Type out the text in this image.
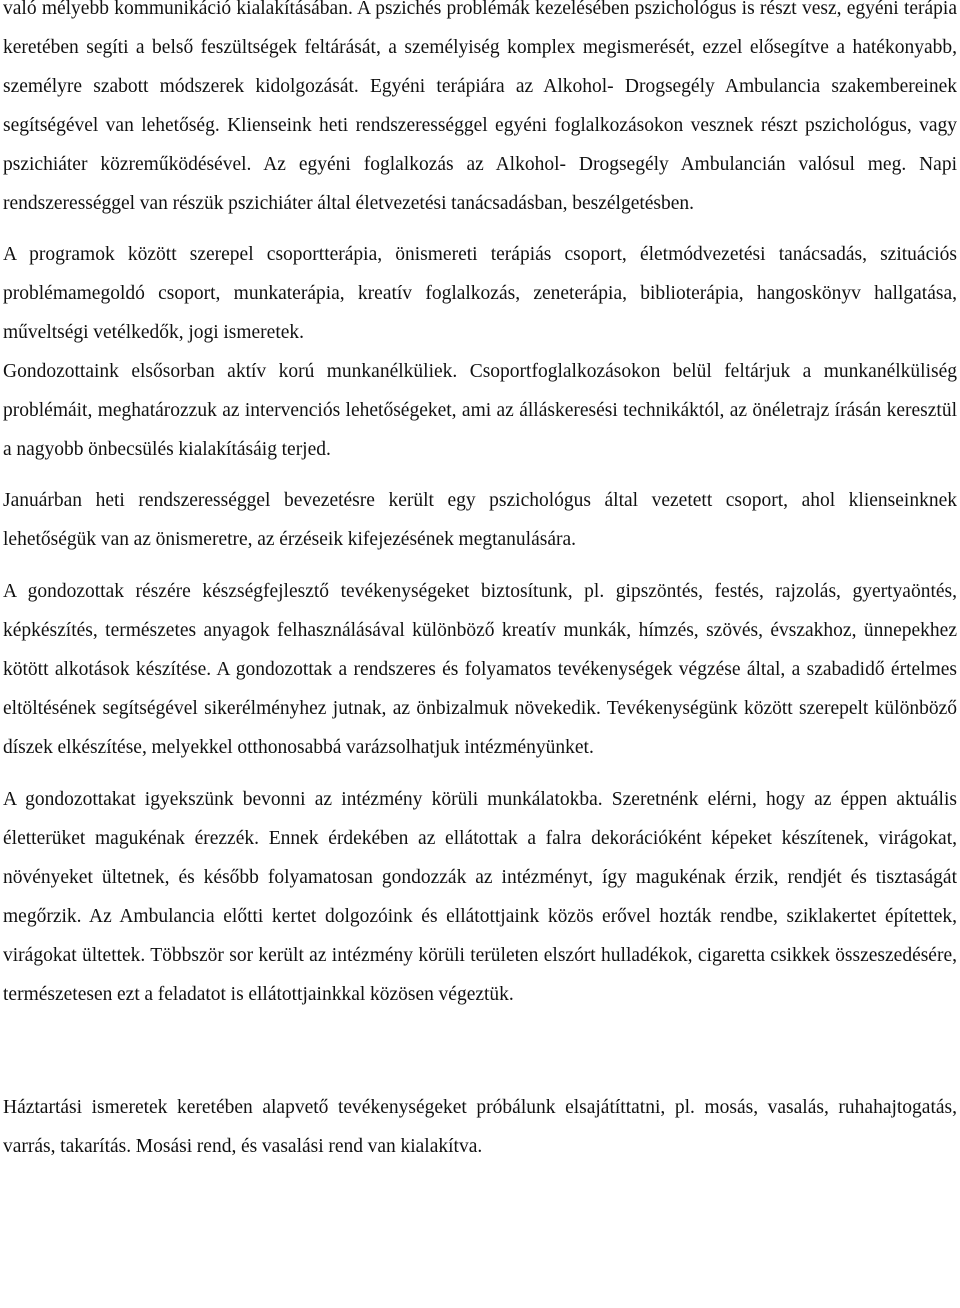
való mélyebb kommunikáció kialakításában. A pszichés problémák kezelésében pszichológus is részt vesz, egyéni terápia keretében segíti a belső feszültségek feltárását, a személyiség komplex megismerését, ezzel elősegítve a hatékonyabb, személyre szabott módszerek kidolgozását. Egyéni terápiára az Alkohol- Drogsegély Ambulancia szakembereinek segítségével van lehetőség. Klienseink heti rendszerességgel egyéni foglalkozásokon vesznek részt pszichológus, vagy pszichiáter közreműködésével. Az egyéni foglalkozás az Alkohol- Drogsegély Ambulancián valósul meg. Napi rendszerességgel van részük pszichiáter által életvezetési tanácsadásban, beszélgetésben.

A programok között szerepel csoportterápia, önismereti terápiás csoport, életmódvezetési tanácsadás, szituációs problémamegoldó csoport, munkaterápia, kreatív foglalkozás, zeneterápia, biblioterápia, hangoskönyv hallgatása, műveltségi vetélkedők, jogi ismeretek.

Gondozottaink elsősorban aktív korú munkanélküliek. Csoportfoglalkozásokon belül feltárjuk a munkanélküliség problémáit, meghatározzuk az intervenciós lehetőségeket, ami az álláskeresési technikáktól, az önéletrajz írásán keresztül a nagyobb önbecsülés kialakításáig terjed.

Januárban heti rendszerességgel bevezetésre került egy pszichológus által vezetett csoport, ahol klienseinknek lehetőségük van az önismeretre, az érzéseik kifejezésének megtanulására.

A gondozottak részére készségfejlesztő tevékenységeket biztosítunk, pl. gipszöntés, festés, rajzolás, gyertyaöntés, képkészítés, természetes anyagok felhasználásával különböző kreatív munkák, hímzés, szövés, évszakhoz, ünnepekhez kötött alkotások készítése. A gondozottak a rendszeres és folyamatos tevékenységek végzése által, a szabadidő értelmes eltöltésének segítségével sikerélményhez jutnak, az önbizalmuk növekedik. Tevékenységünk között szerepelt különböző díszek elkészítése, melyekkel otthonosabbá varázsolhatjuk intézményünket.

A gondozottakat igyekszünk bevonni az intézmény körüli munkálatokba. Szeretnénk elérni, hogy az éppen aktuális életterüket magukénak érezzék. Ennek érdekében az ellátottak a falra dekorációként képeket készítenek, virágokat, növényeket ültetnek, és később folyamatosan gondozzák az intézményt, így magukénak érzik, rendjét és tisztaságát megőrzik. Az Ambulancia előtti kertet dolgozóink és ellátottjaink közös erővel hozták rendbe, sziklakertet építettek, virágokat ültettek. Többször sor került az intézmény körüli területen elszórt hulladékok, cigaretta csikkek összeszedésére, természetesen ezt a feladatot is ellátottjainkkal közösen végeztük.

Háztartási ismeretek keretében alapvető tevékenységeket próbálunk elsajátíttatni, pl. mosás, vasalás, ruhahajtogatás, varrás, takarítás. Mosási rend, és vasalási rend van kialakítva.
